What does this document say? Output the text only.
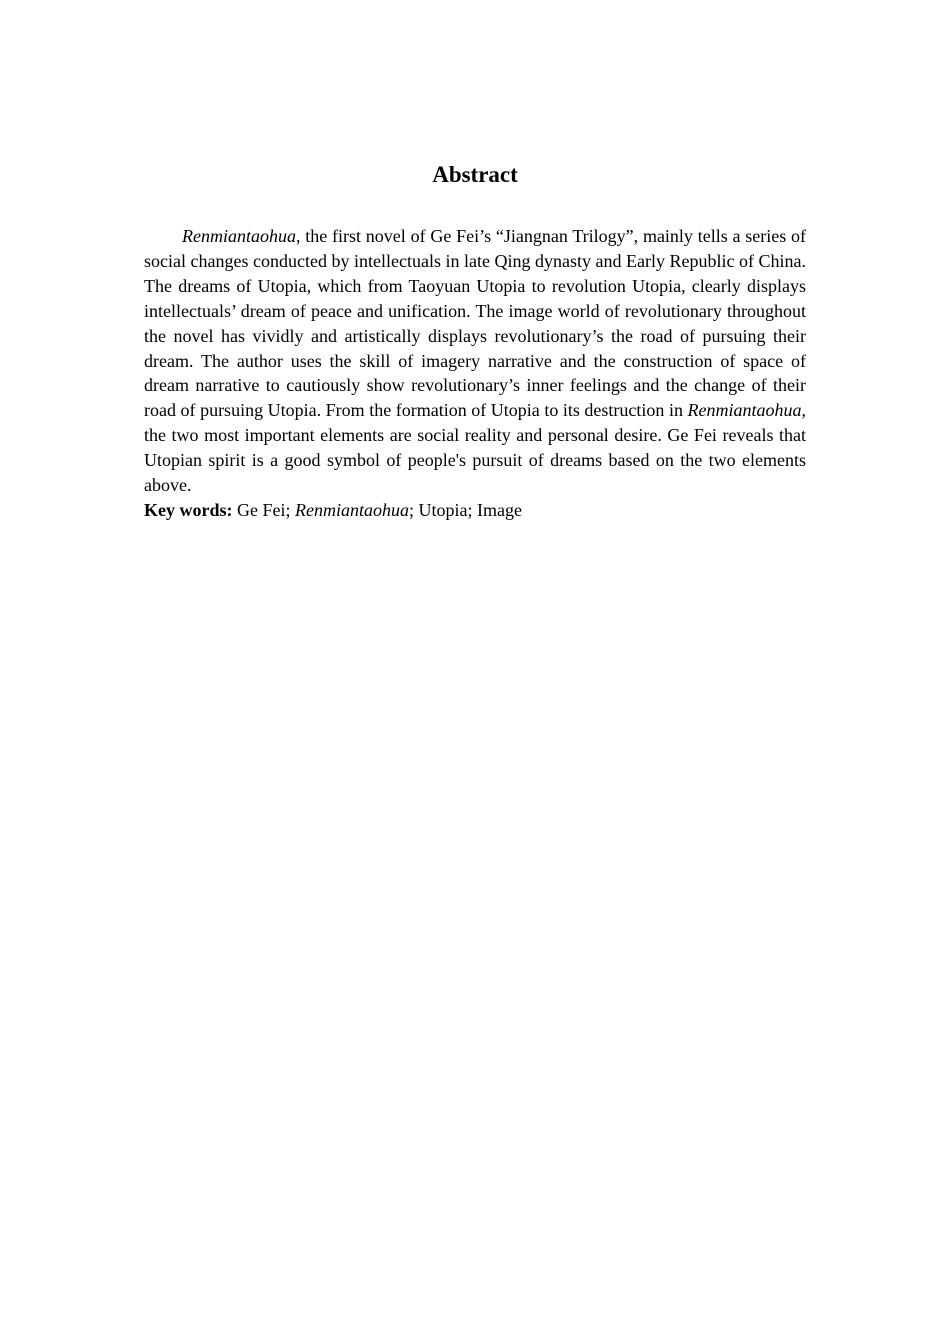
Abstract

Renmiantaohua, the first novel of Ge Fei’s “Jiangnan Trilogy”, mainly tells a series of social changes conducted by intellectuals in late Qing dynasty and Early Republic of China. The dreams of Utopia, which from Taoyuan Utopia to revolution Utopia, clearly displays intellectuals’ dream of peace and unification. The image world of revolutionary throughout the novel has vividly and artistically displays revolutionary’s the road of pursuing their dream. The author uses the skill of imagery narrative and the construction of space of dream narrative to cautiously show revolutionary’s inner feelings and the change of their road of pursuing Utopia. From the formation of Utopia to its destruction in Renmiantaohua, the two most important elements are social reality and personal desire. Ge Fei reveals that Utopian spirit is a good symbol of people's pursuit of dreams based on the two elements above.

Key words: Ge Fei; Renmiantaohua; Utopia; Image
